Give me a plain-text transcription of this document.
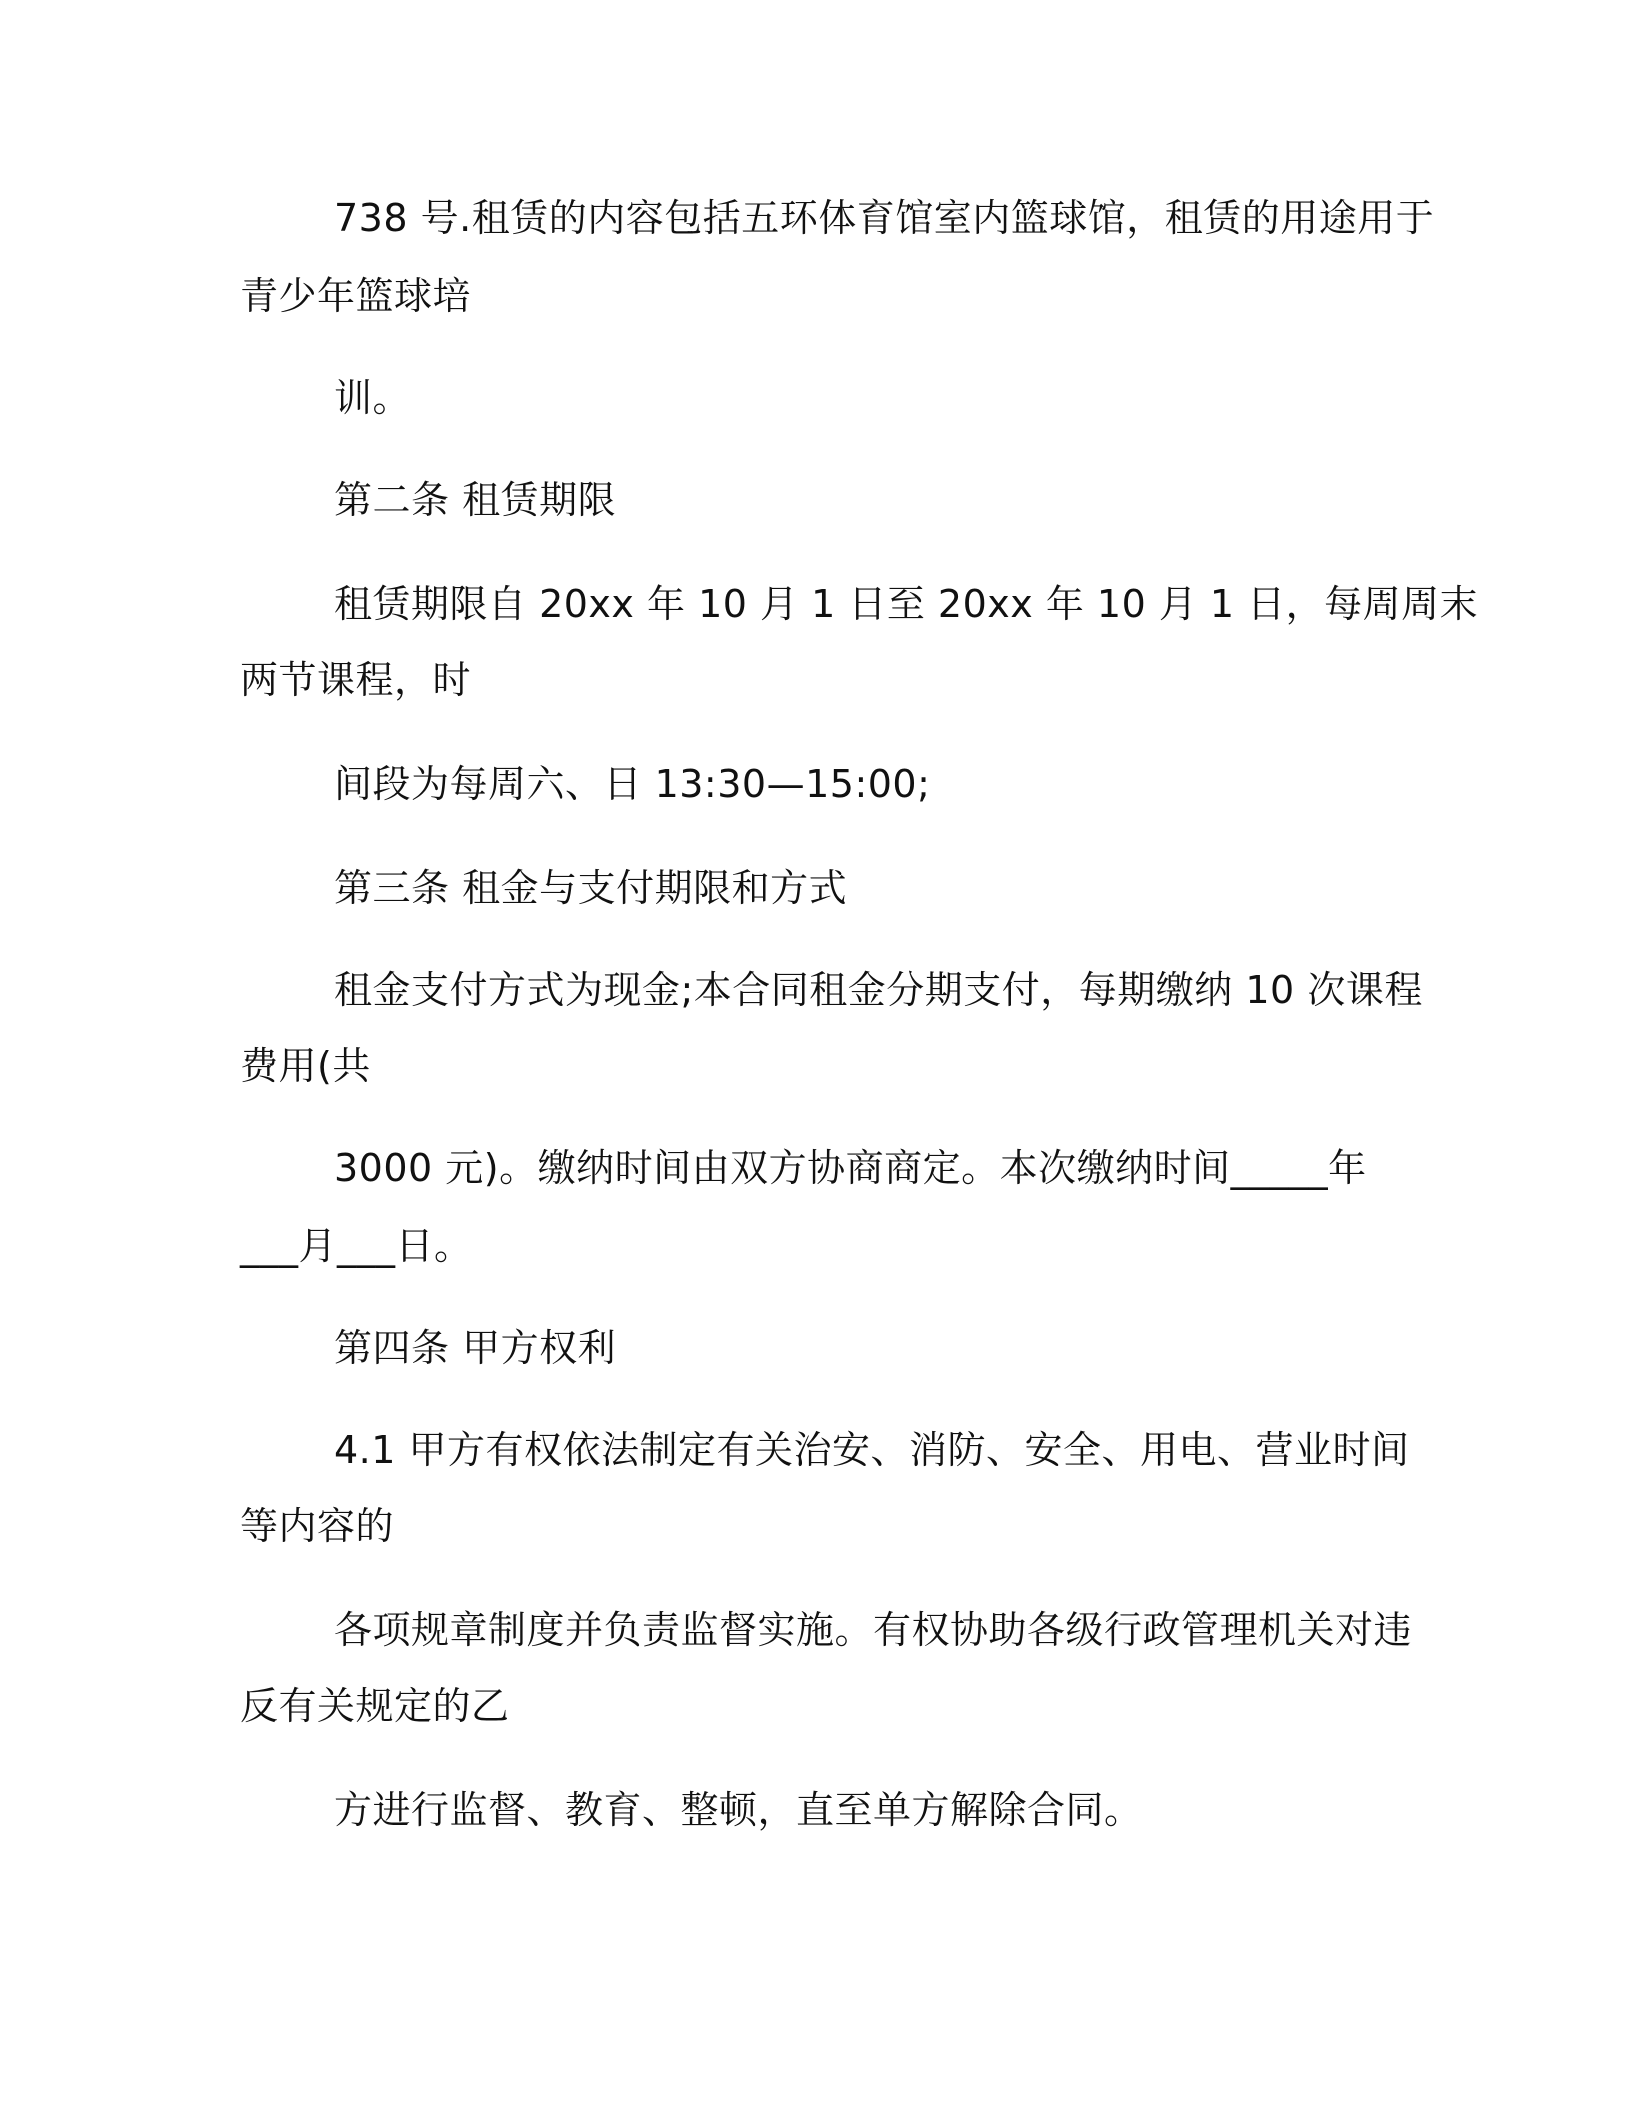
738 号.租赁的内容包括五环体育馆室内篮球馆，租赁的用途用于
青少年篮球培
训。
第二条 租赁期限
租赁期限自 20xx 年 10 月 1 日至 20xx 年 10 月 1 日，每周周末
两节课程，时
间段为每周六、日 13:30—15:00;
第三条 租金与支付期限和方式
租金支付方式为现金;本合同租金分期支付，每期缴纳 10 次课程
费用(共
3000 元)。缴纳时间由双方协商商定。本次缴纳时间_____年
___月___日。
第四条 甲方权利
4.1 甲方有权依法制定有关治安、消防、安全、用电、营业时间
等内容的
各项规章制度并负责监督实施。有权协助各级行政管理机关对违
反有关规定的乙
方进行监督、教育、整顿，直至单方解除合同。
